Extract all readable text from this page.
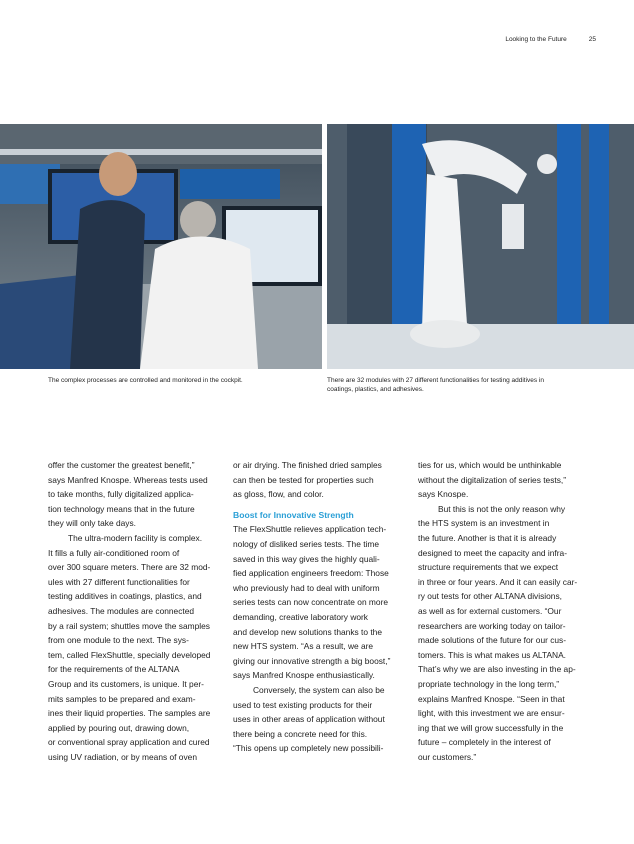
Looking to the Future	25
The complex processes are controlled and monitored in the cockpit.	There are 32 modules with 27 different functionalities for testing additives in
coatings, plastics, and adhesives.

offer the customer the greatest benefit,”
says Manfred Knospe. Whereas tests used
to take months, fully digitalized applica-
tion technology means that in the future
they will only take days.

The ultra-modern facility is complex.
It fills a fully air-conditioned room of
over 300 square meters. There are 32 mod-
ules with 27 different functionalities for
testing additives in coatings, plastics, and
adhesives. The modules are connected
by a rail system; shuttles move the samples
from one module to the next. The sys-
tem, called FlexShuttle, specially developed
for the requirements of the ALTANA
Group and its customers, is unique. It per-
mits samples to be prepared and exam-
ines their liquid properties. The samples are
applied by pouring out, drawing down,
or conventional spray application and cured
using UV radiation, or by means of oven

or air drying. The finished dried samples
can then be tested for properties such
as gloss, flow, and color.

Boost for Innovative Strength

The FlexShuttle relieves application tech-
nology of disliked series tests. The time
saved in this way gives the highly quali-
fied application engineers freedom: Those
who previously had to deal with uniform
series tests can now concentrate on more
demanding, creative laboratory work
and develop new solutions thanks to the
new HTS system. “As a result, we are
giving our innovative strength a big boost,”
says Manfred Knospe enthusiastically.

Conversely, the system can also be
used to test existing products for their
uses in other areas of application without
there being a concrete need for this.
“This opens up completely new possibili-

ties for us, which would be unthinkable
without the digitalization of series tests,”
says Knospe.

But this is not the only reason why
the HTS system is an investment in
the future. Another is that it is already
designed to meet the capacity and infra-
structure requirements that we expect
in three or four years. And it can easily car-
ry out tests for other ALTANA divisions,
as well as for external customers. “Our
researchers are working today on tailor-
made solutions of the future for our cus-
tomers. This is what makes us ALTANA.
That’s why we are also investing in the ap-
propriate technology in the long term,”
explains Manfred Knospe. “Seen in that
light, with this investment we are ensur-
ing that we will grow successfully in the
future – completely in the interest of
our customers.”
